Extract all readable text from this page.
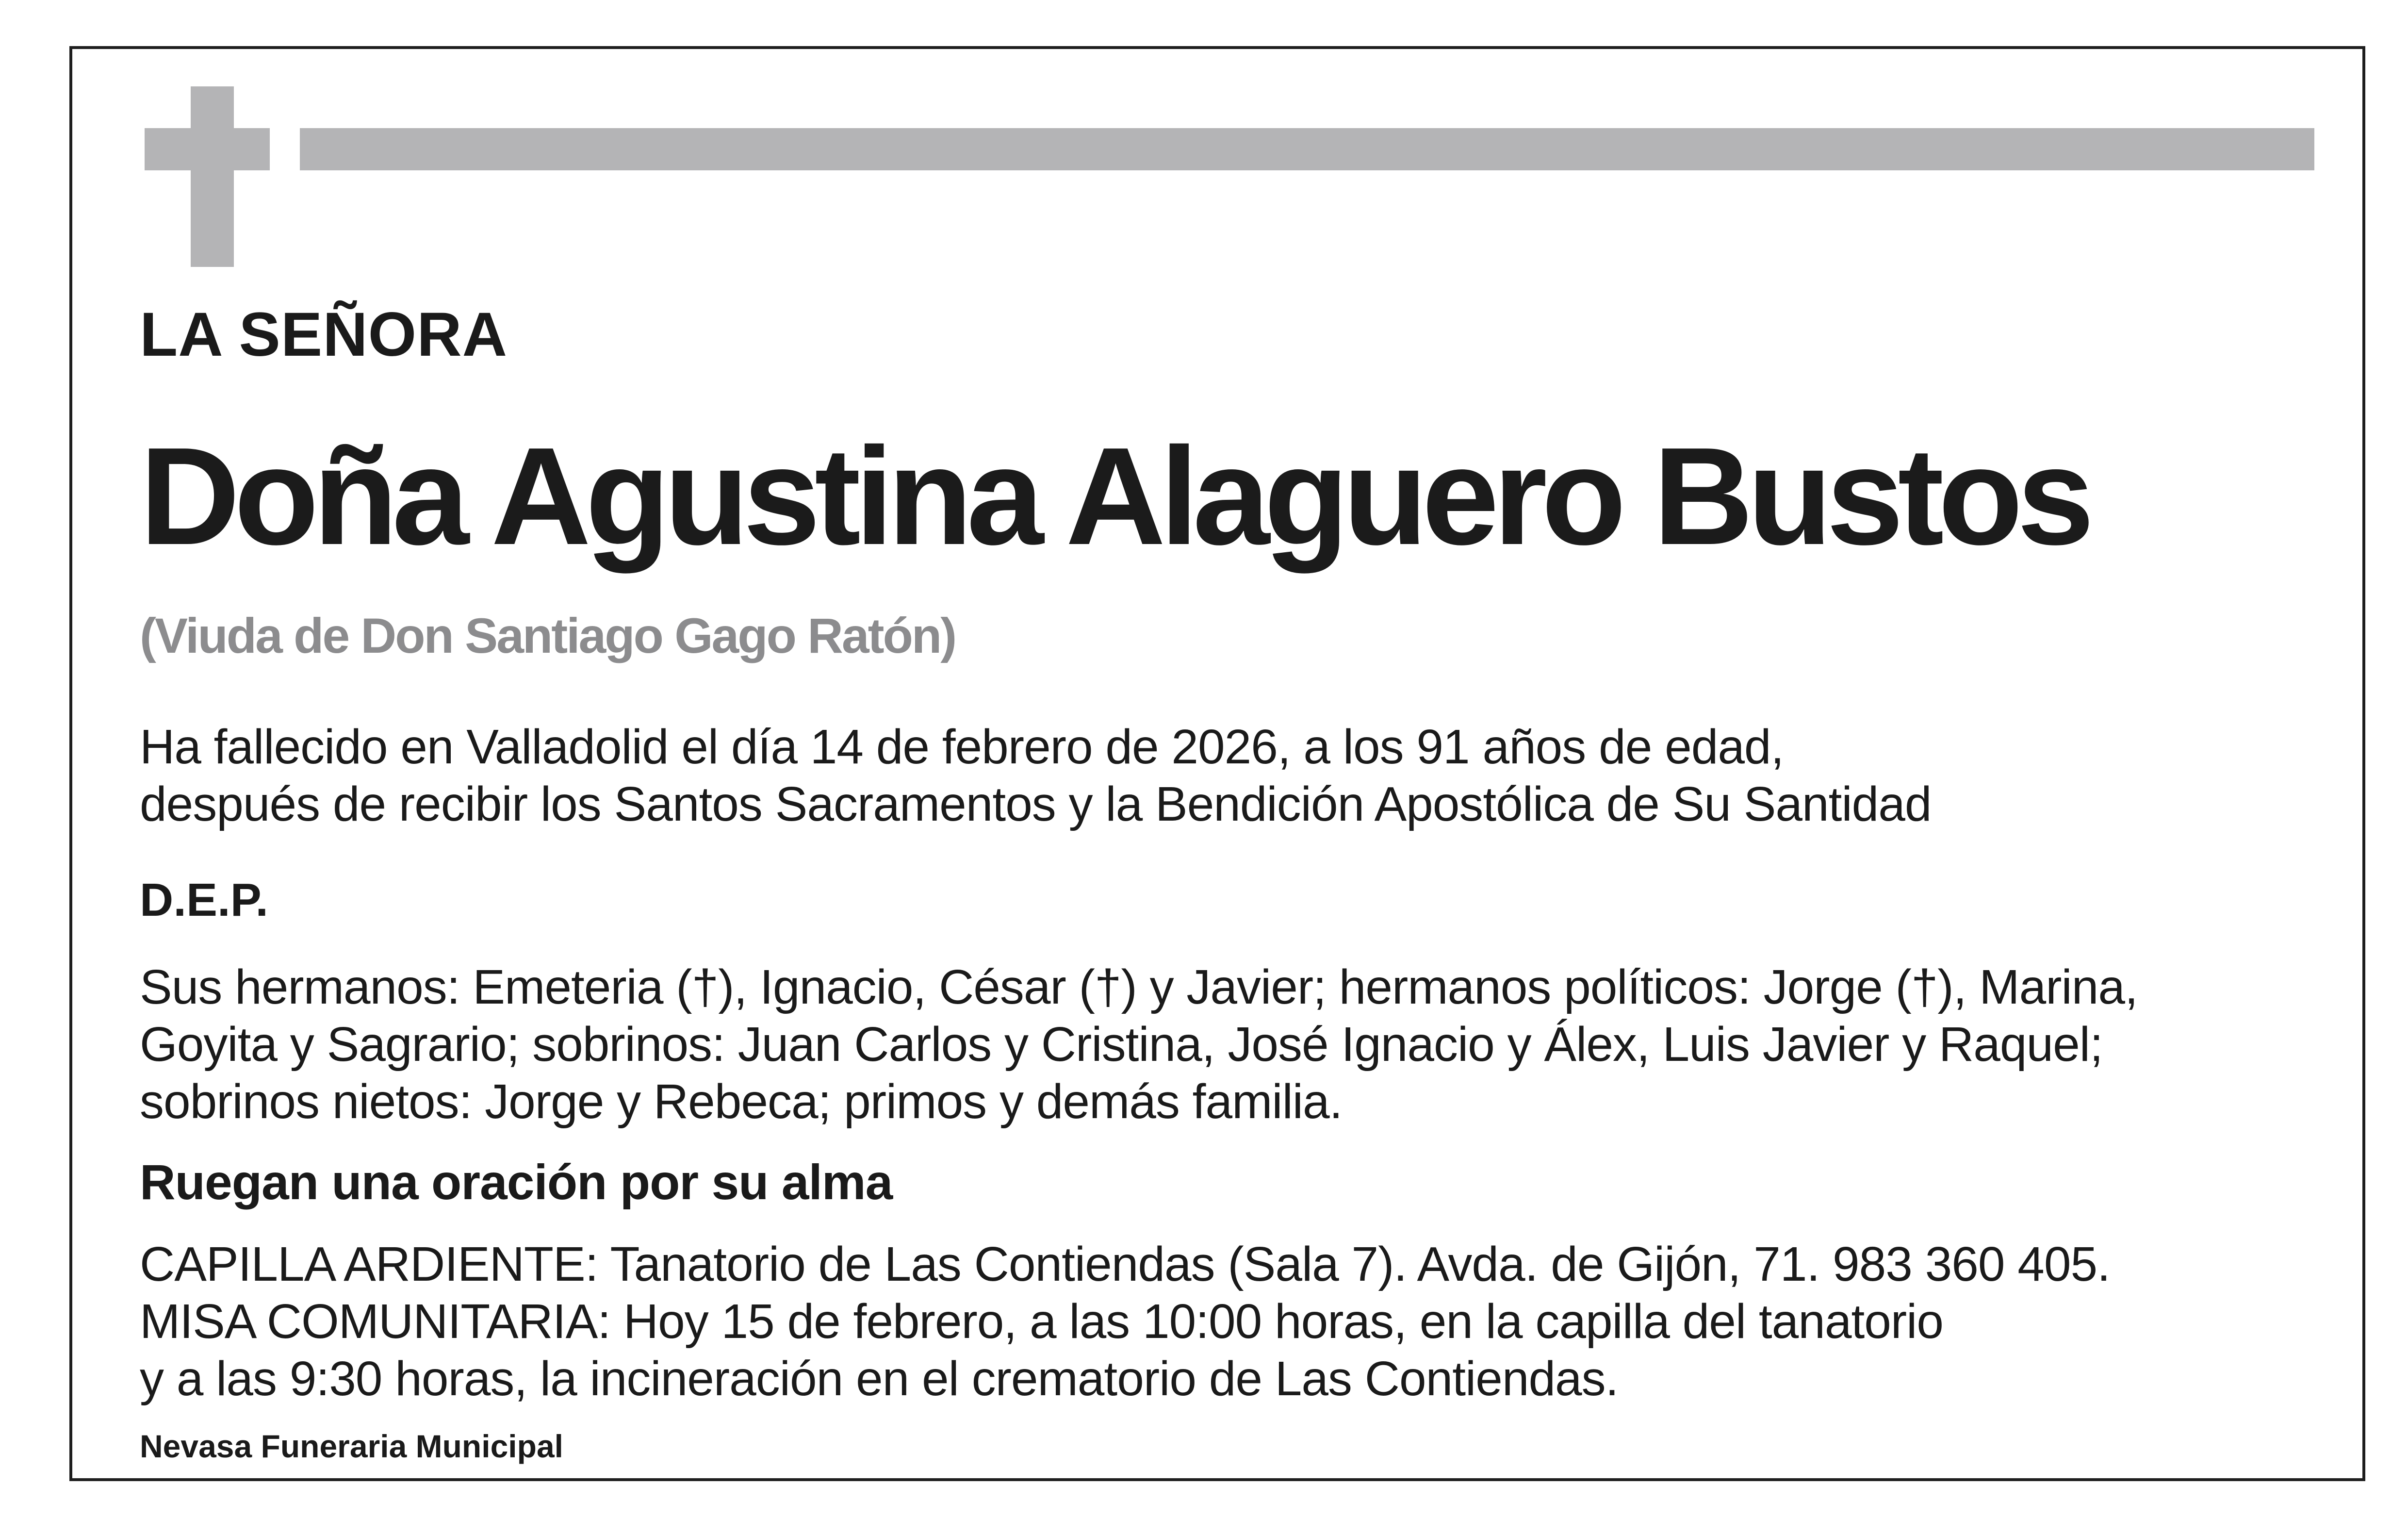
LA SEÑORA

Doña Agustina Alaguero Bustos

(Viuda de Don Santiago Gago Ratón)

Ha fallecido en Valladolid el día 14 de febrero de 2026, a los 91 años de edad,

después de recibir los Santos Sacramentos y la Bendición Apostólica de Su Santidad

D.E.P.

Sus hermanos: Emeteria (†), Ignacio, César (†) y Javier; hermanos políticos: Jorge (†), Marina,

Goyita y Sagrario; sobrinos: Juan Carlos y Cristina, José Ignacio y Álex, Luis Javier y Raquel;

sobrinos nietos: Jorge y Rebeca; primos y demás familia.

Ruegan una oración por su alma

CAPILLA ARDIENTE: Tanatorio de Las Contiendas (Sala 7). Avda. de Gijón, 71. 983 360 405.

MISA COMUNITARIA: Hoy 15 de febrero, a las 10:00 horas, en la capilla del tanatorio

y a las 9:30 horas, la incineración en el crematorio de Las Contiendas.

Nevasa Funeraria Municipal
